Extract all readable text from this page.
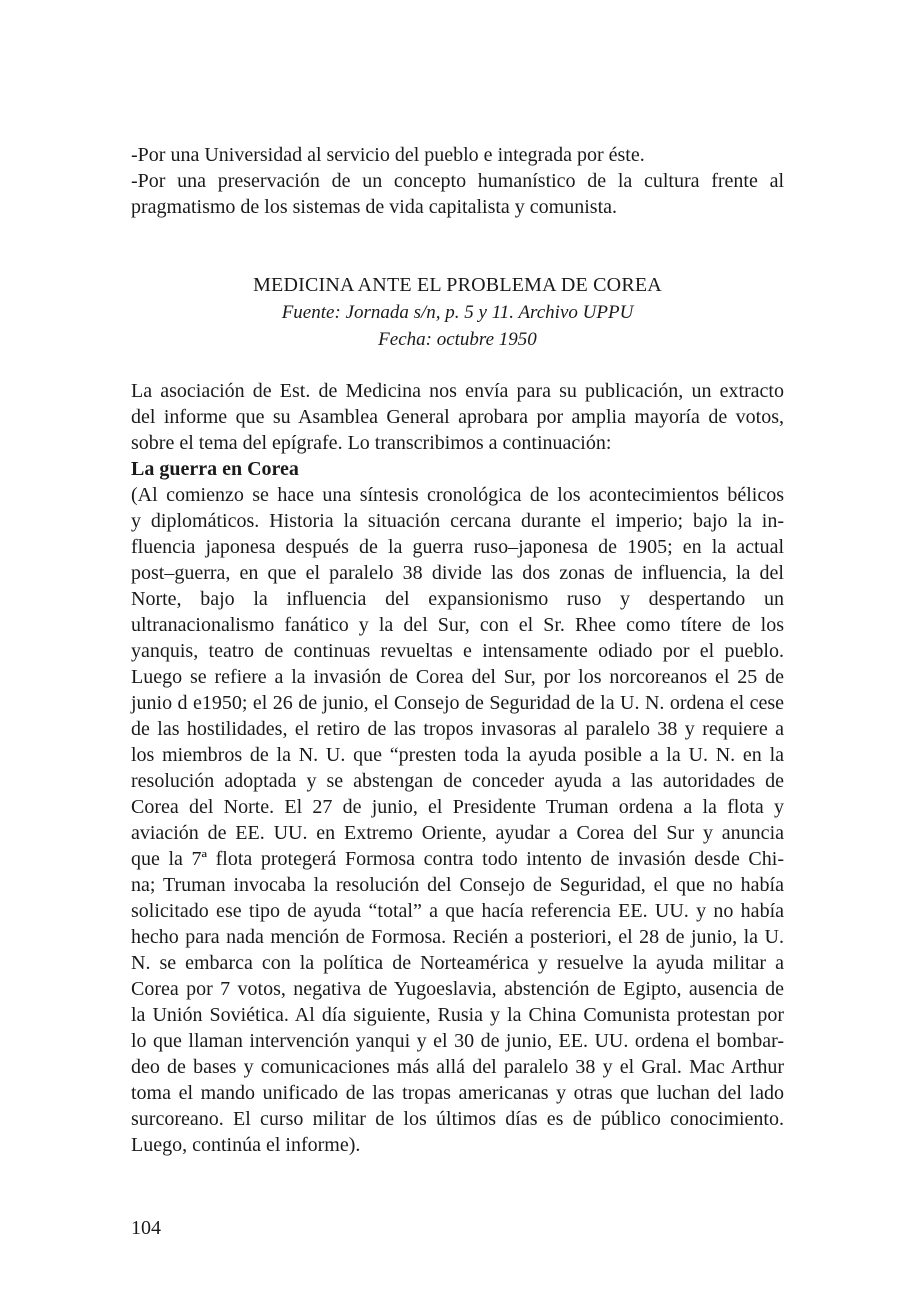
-Por una Universidad al servicio del pueblo e integrada por éste.
-Por una preservación de un concepto humanístico de la cultura frente al
pragmatismo de los sistemas de vida capitalista y comunista.
MEDICINA ANTE EL PROBLEMA DE COREA
Fuente: Jornada s/n, p. 5 y 11. Archivo UPPU
Fecha: octubre 1950
La asociación de Est. de Medicina nos envía para su publicación, un extracto
del informe que su Asamblea General aprobara por amplia mayoría de votos,
sobre el tema del epígrafe. Lo transcribimos a continuación:
La guerra en Corea
(Al comienzo se hace una síntesis cronológica de los acontecimientos bélicos
y diplomáticos. Historia la situación cercana durante el imperio; bajo la in-
fluencia japonesa después de la guerra ruso–japonesa de 1905; en la actual
post–guerra, en que el paralelo 38 divide las dos zonas de influencia, la del
Norte, bajo la influencia del expansionismo ruso y despertando un
ultranacionalismo fanático y la del Sur, con el Sr. Rhee como títere de los
yanquis, teatro de continuas revueltas e intensamente odiado por el pueblo.
Luego se refiere a la invasión de Corea del Sur, por los norcoreanos el 25 de
junio d e1950; el 26 de junio, el Consejo de Seguridad de la U. N. ordena el cese
de las hostilidades, el retiro de las tropos invasoras al paralelo 38 y requiere a
los miembros de la N. U. que “presten toda la ayuda posible a la U. N. en la
resolución adoptada y se abstengan de conceder ayuda a las autoridades de
Corea del Norte. El 27 de junio, el Presidente Truman ordena a la flota y
aviación de EE. UU. en Extremo Oriente, ayudar a Corea del Sur y anuncia
que la 7ª flota protegerá Formosa contra todo intento de invasión desde Chi-
na; Truman invocaba la resolución del Consejo de Seguridad, el que no había
solicitado ese tipo de ayuda “total” a que hacía referencia EE. UU. y no había
hecho para nada mención de Formosa. Recién a posteriori, el 28 de junio, la U.
N. se embarca con la política de Norteamérica y resuelve la ayuda militar a
Corea por 7 votos, negativa de Yugoeslavia, abstención de Egipto, ausencia de
la Unión Soviética. Al día siguiente, Rusia y la China Comunista protestan por
lo que llaman intervención yanqui y el 30 de junio, EE. UU. ordena el bombar-
deo de bases y comunicaciones más allá del paralelo 38 y el Gral. Mac Arthur
toma el mando unificado de las tropas americanas y otras que luchan del lado
surcoreano. El curso militar de los últimos días es de público conocimiento.
Luego, continúa el informe).
104
